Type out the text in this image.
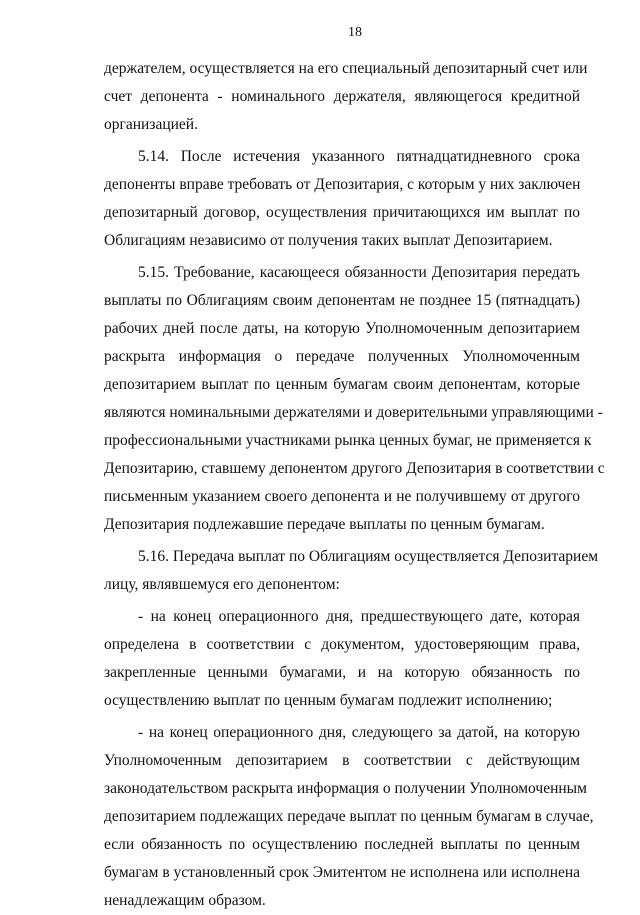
18
держателем, осуществляется на его специальный депозитарный счет или
счет депонента - номинального держателя, являющегося кредитной
организацией.
5.14. После истечения указанного пятнадцатидневного срока
депоненты вправе требовать от Депозитария, с которым у них заключен
депозитарный договор, осуществления причитающихся им выплат по
Облигациям независимо от получения таких выплат Депозитарием.
5.15. Требование, касающееся обязанности Депозитария передать
выплаты по Облигациям своим депонентам не позднее 15 (пятнадцать)
рабочих дней после даты, на которую Уполномоченным депозитарием
раскрыта информация о передаче полученных Уполномоченным
депозитарием выплат по ценным бумагам своим депонентам, которые
являются номинальными держателями и доверительными управляющими -
профессиональными участниками рынка ценных бумаг, не применяется к
Депозитарию, ставшему депонентом другого Депозитария в соответствии с
письменным указанием своего депонента и не получившему от другого
Депозитария подлежавшие передаче выплаты по ценным бумагам.
5.16. Передача выплат по Облигациям осуществляется Депозитарием
лицу, являвшемуся его депонентом:
- на конец операционного дня, предшествующего дате, которая
определена в соответствии с документом, удостоверяющим права,
закрепленные ценными бумагами, и на которую обязанность по
осуществлению выплат по ценным бумагам подлежит исполнению;
- на конец операционного дня, следующего за датой, на которую
Уполномоченным депозитарием в соответствии с действующим
законодательством раскрыта информация о получении Уполномоченным
депозитарием подлежащих передаче выплат по ценным бумагам в случае,
если обязанность по осуществлению последней выплаты по ценным
бумагам в установленный срок Эмитентом не исполнена или исполнена
ненадлежащим образом.
